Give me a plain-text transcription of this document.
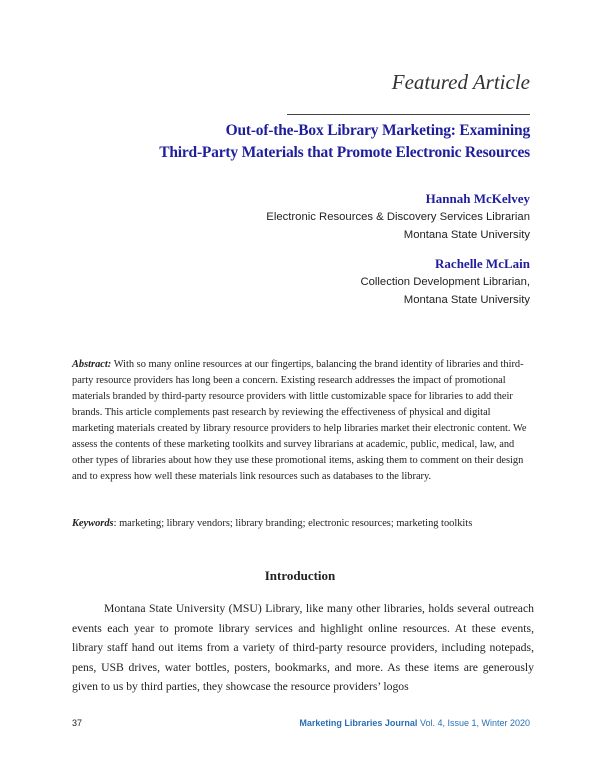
Featured Article
Out-of-the-Box Library Marketing: Examining
Third-Party Materials that Promote Electronic Resources
Hannah McKelvey
Electronic Resources & Discovery Services Librarian
Montana State University
Rachelle McLain
Collection Development Librarian,
Montana State University
Abstract: With so many online resources at our fingertips, balancing the brand identity of libraries and third-party resource providers has long been a concern. Existing research addresses the impact of promotional materials branded by third-party resource providers with little customizable space for libraries to add their brands. This article complements past research by reviewing the effectiveness of physical and digital marketing materials created by library resource providers to help libraries market their electronic content. We assess the contents of these marketing toolkits and survey librarians at academic, public, medical, law, and other types of libraries about how they use these promotional items, asking them to comment on their design and to express how well these materials link resources such as databases to the library.
Keywords: marketing; library vendors; library branding; electronic resources; marketing toolkits
Introduction
Montana State University (MSU) Library, like many other libraries, holds several outreach events each year to promote library services and highlight online resources. At these events, library staff hand out items from a variety of third-party resource providers, including notepads, pens, USB drives, water bottles, posters, bookmarks, and more. As these items are generously given to us by third parties, they showcase the resource providers’ logos
37	Marketing Libraries Journal Vol. 4, Issue 1, Winter 2020
